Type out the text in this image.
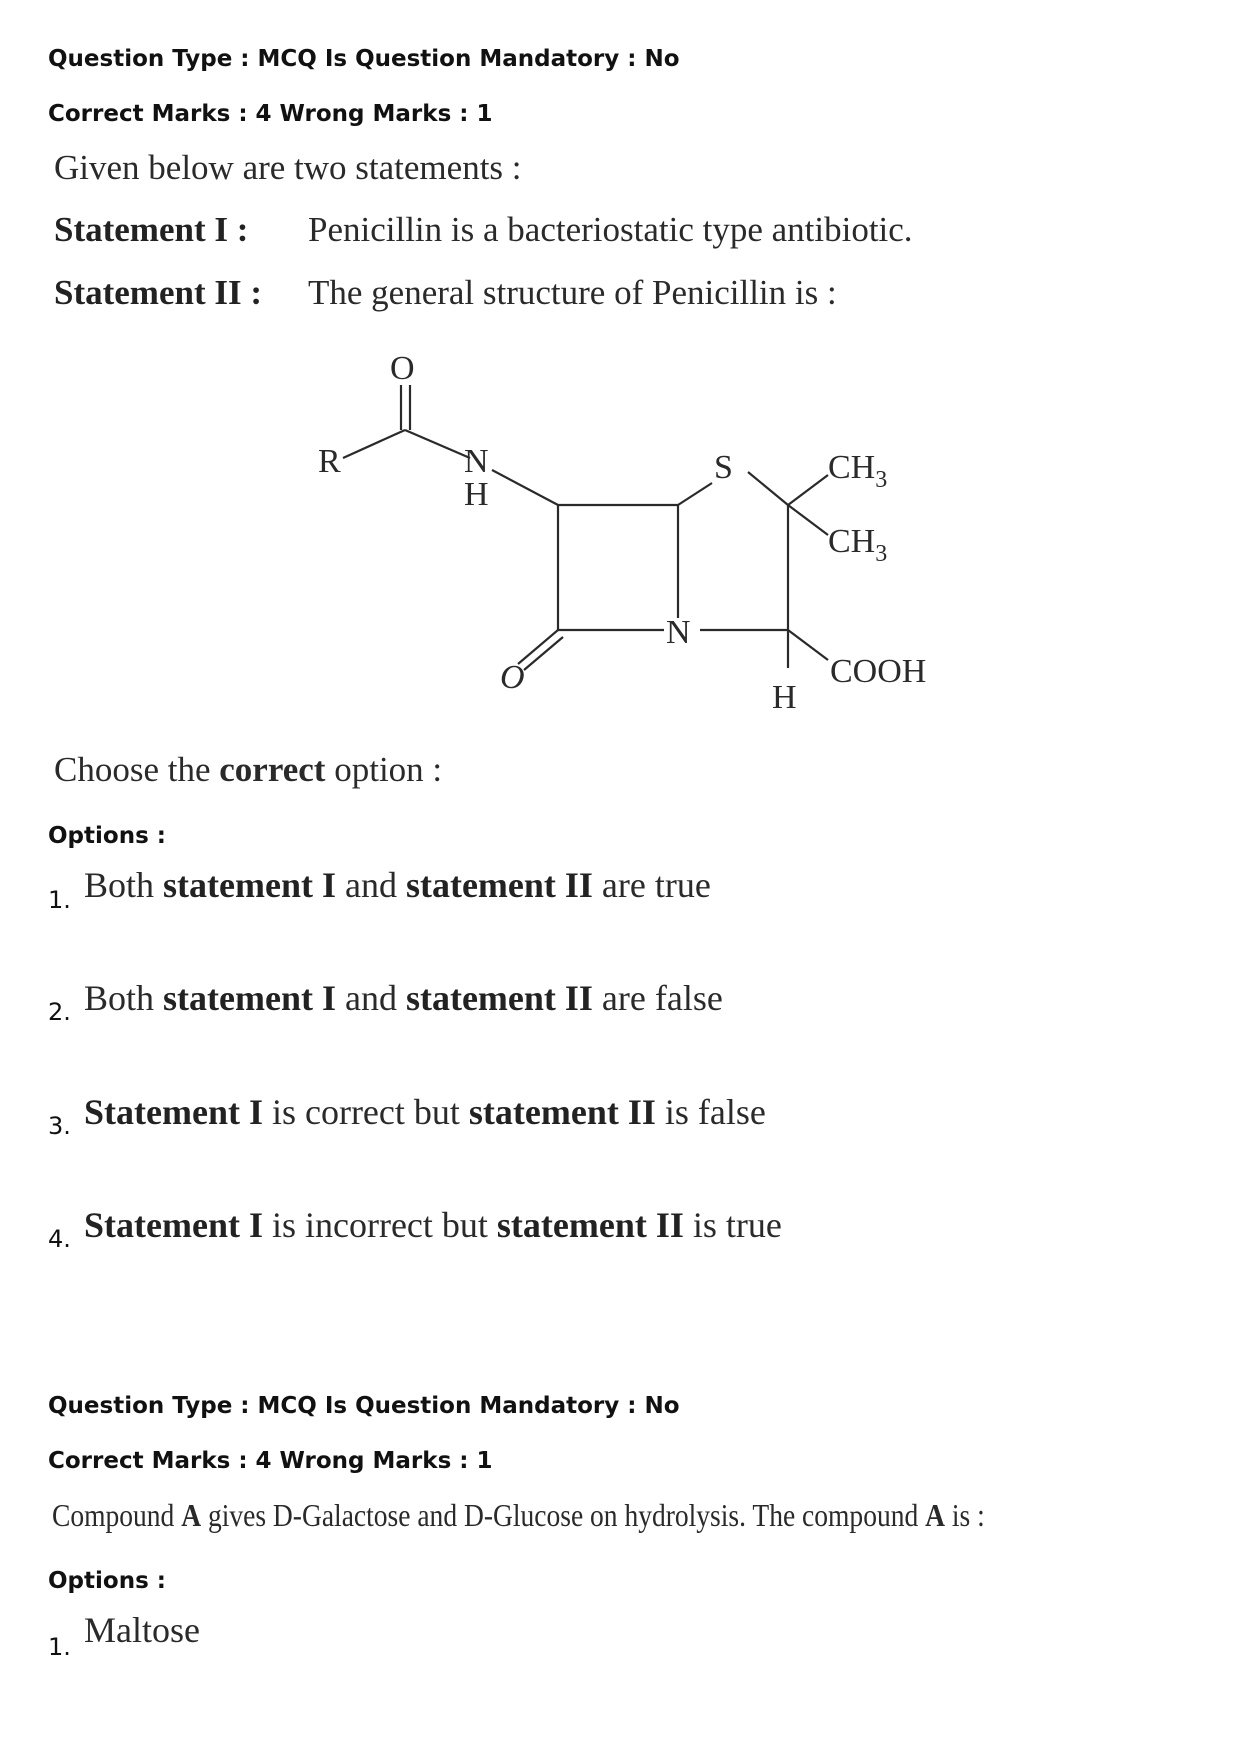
Question Type : MCQ Is Question Mandatory : No
Correct Marks : 4 Wrong Marks : 1
Given below are two statements :
Statement I : Penicillin is a bacteriostatic type antibiotic.
Statement II : The general structure of Penicillin is :
O
R	N
H
S	$CH_3$
$CH_3$
N
O
H
COOH
Choose the correct option :
Options :
1. Both statement I and statement II are true
2. Both statement I and statement II are false
3. Statement I is correct but statement II is false
4. Statement I is incorrect but statement II is true
Question Type : MCQ Is Question Mandatory : No
Correct Marks : 4 Wrong Marks : 1
Compound A gives D-Galactose and D-Glucose on hydrolysis. The compound A is :
Options :
1. Maltose
